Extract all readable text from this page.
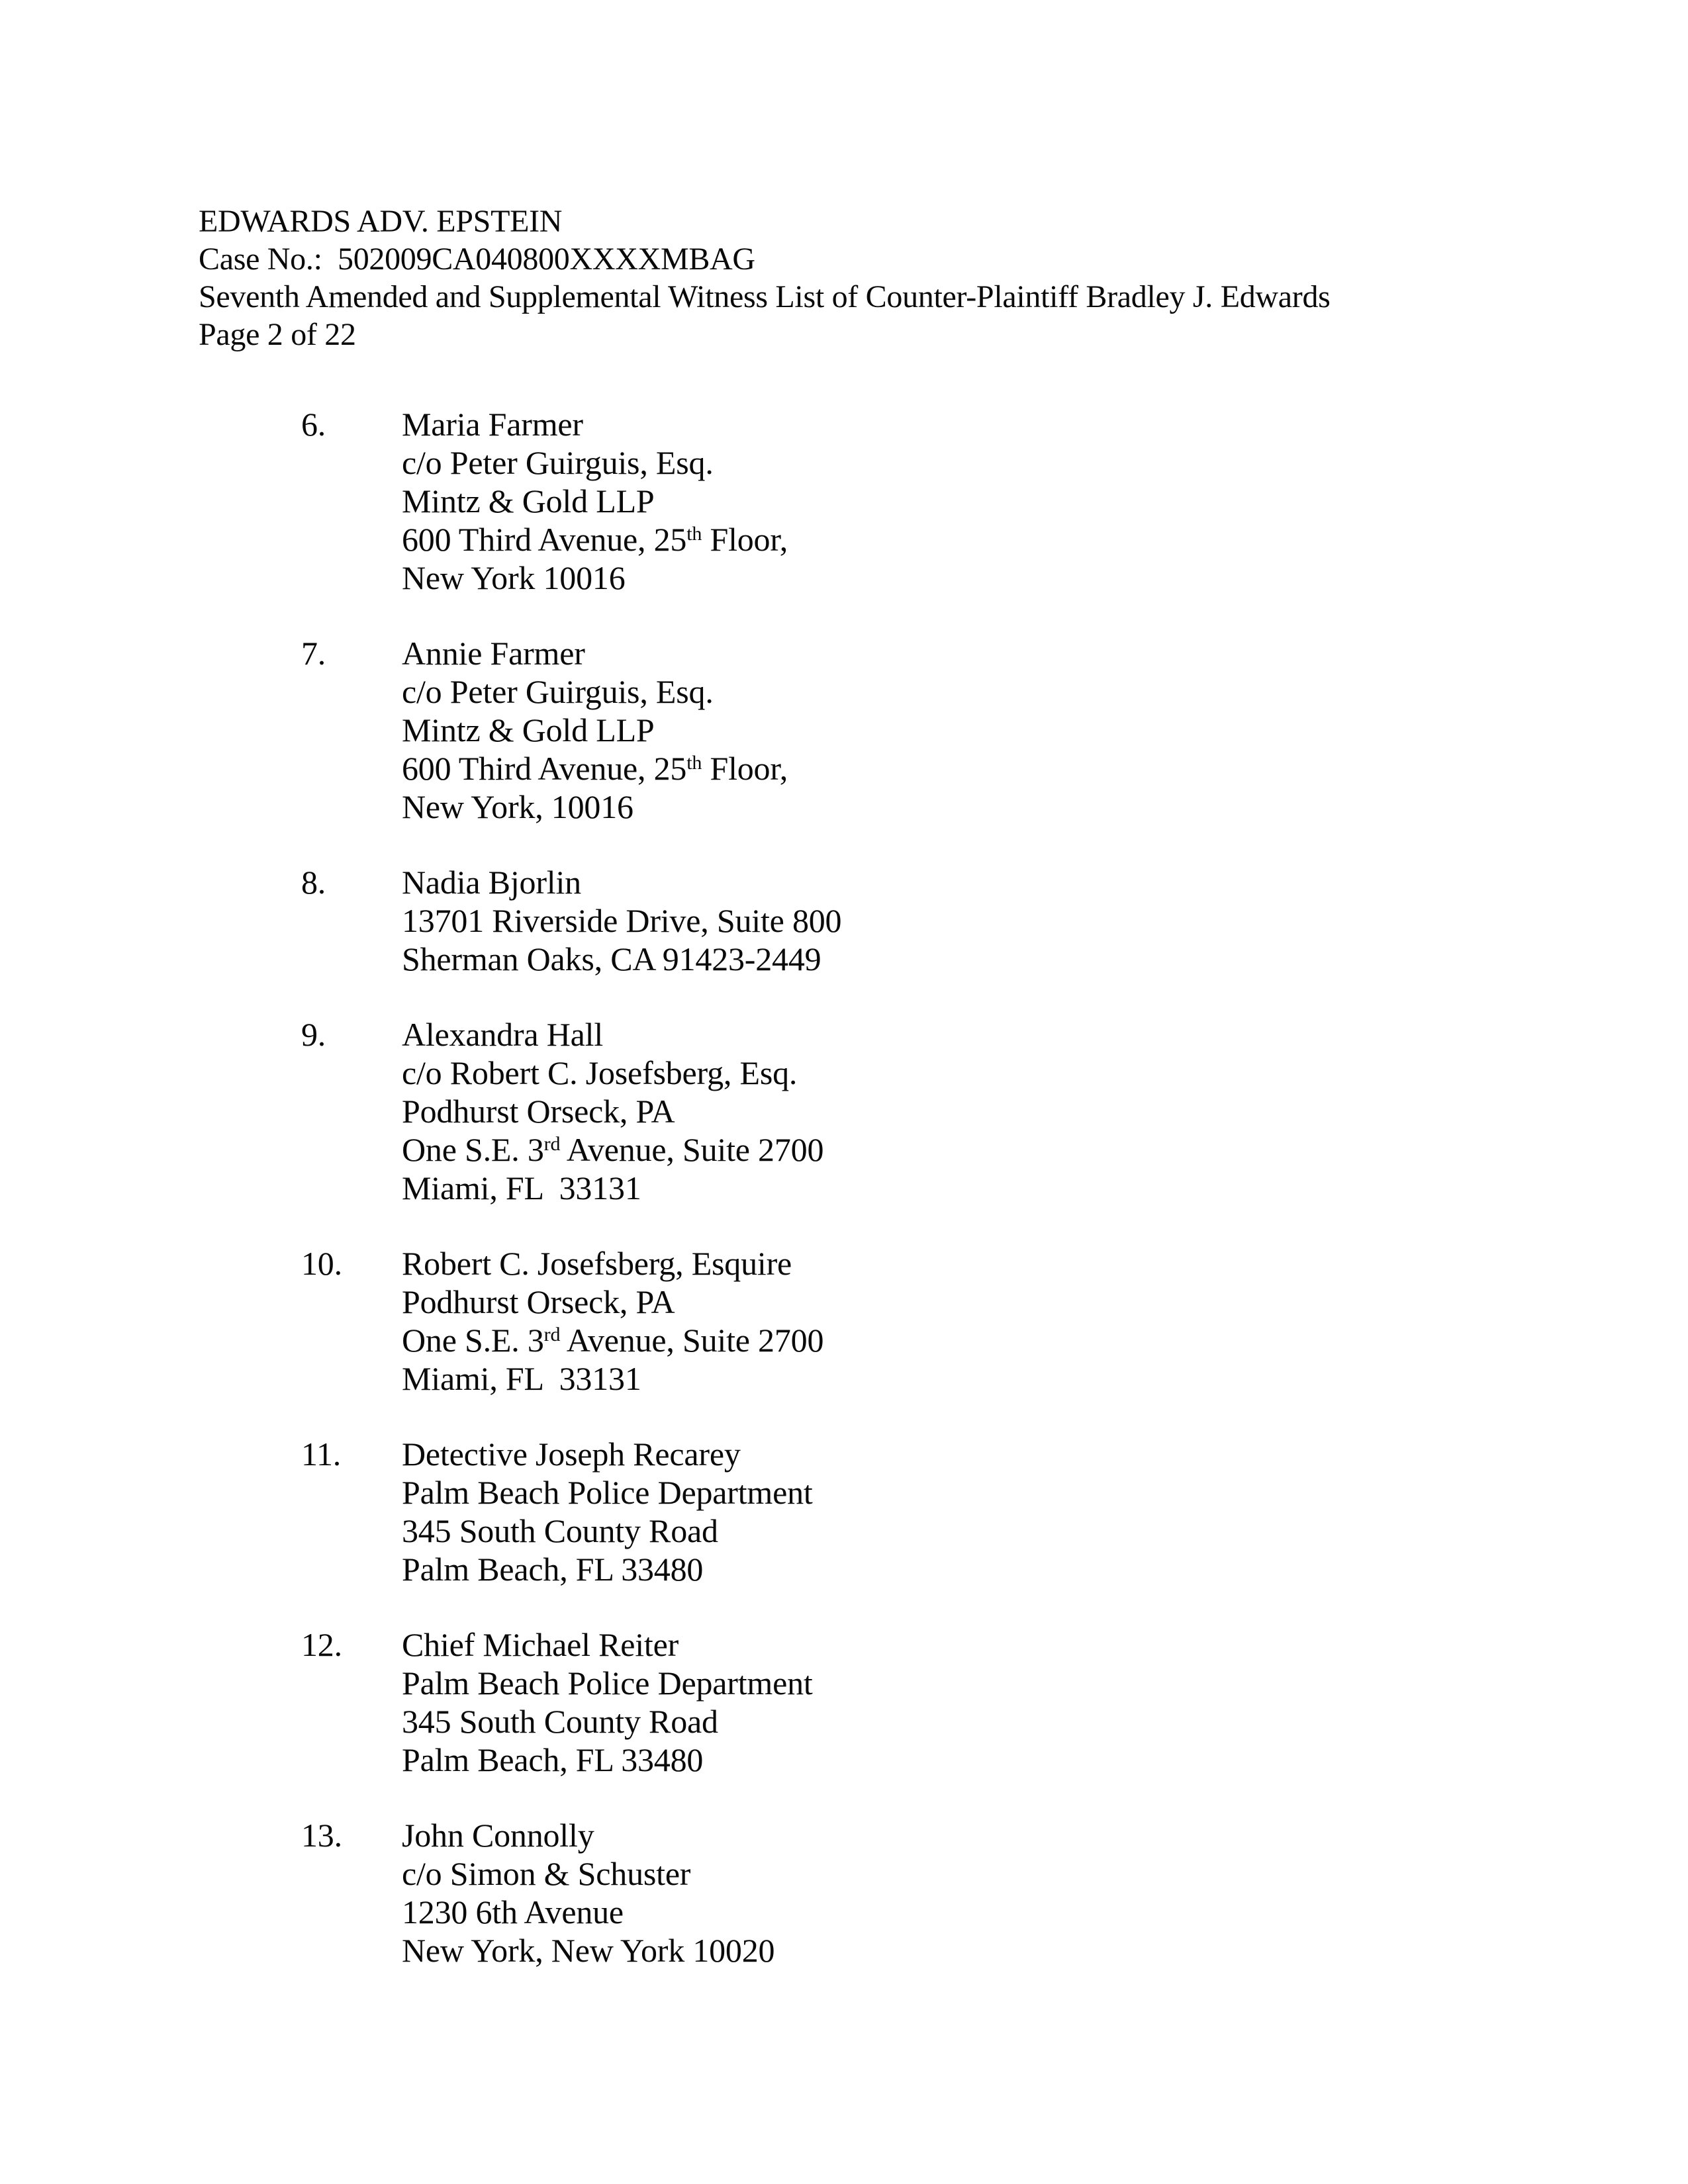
EDWARDS ADV. EPSTEIN
Case No.:  502009CA040800XXXXMBAG
Seventh Amended and Supplemental Witness List of Counter-Plaintiff Bradley J. Edwards
Page 2 of 22
6.	Maria Farmer
c/o Peter Guirguis, Esq.
Mintz & Gold LLP
600 Third Avenue, 25th Floor,
New York 10016
7.	Annie Farmer
c/o Peter Guirguis, Esq.
Mintz & Gold LLP
600 Third Avenue, 25th Floor,
New York, 10016
8.	Nadia Bjorlin
13701 Riverside Drive, Suite 800
Sherman Oaks, CA 91423-2449
9.	Alexandra Hall
c/o Robert C. Josefsberg, Esq.
Podhurst Orseck, PA
One S.E. 3rd Avenue, Suite 2700
Miami, FL  33131
10.	Robert C. Josefsberg, Esquire
Podhurst Orseck, PA
One S.E. 3rd Avenue, Suite 2700
Miami, FL  33131
11.	Detective Joseph Recarey
Palm Beach Police Department
345 South County Road
Palm Beach, FL 33480
12.	Chief Michael Reiter
Palm Beach Police Department
345 South County Road
Palm Beach, FL 33480
13.	John Connolly
c/o Simon & Schuster
1230 6th Avenue
New York, New York 10020
